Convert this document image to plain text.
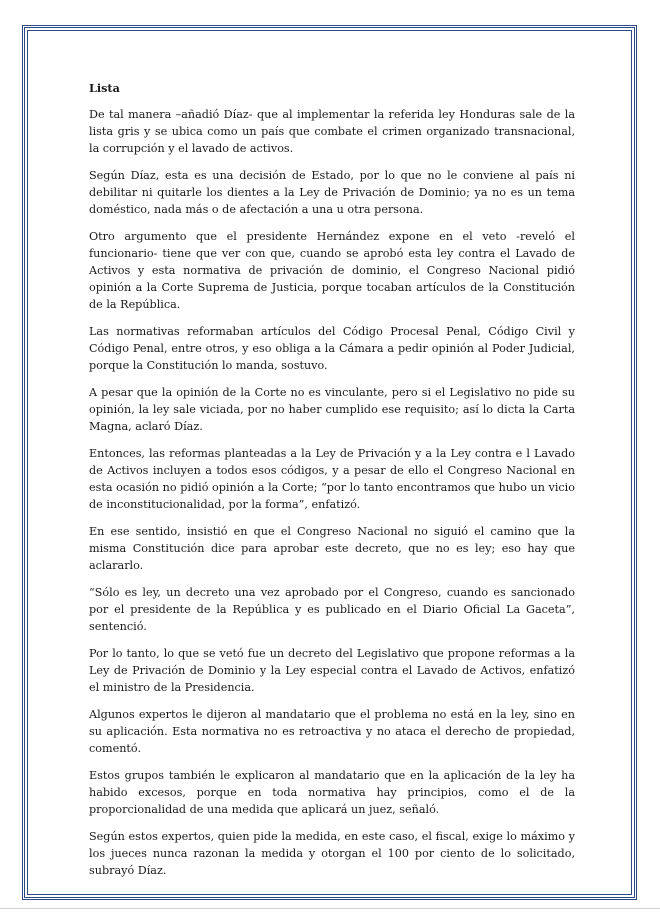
Lista

De tal manera –añadió Díaz- que al implementar la referida ley Honduras sale de la lista gris y se ubica como un país que combate el crimen organizado transnacional, la corrupción y el lavado de activos.

Según Díaz, esta es una decisión de Estado, por lo que no le conviene al país ni debilitar ni quitarle los dientes a la Ley de Privación de Dominio; ya no es un tema doméstico, nada más o de afectación a una u otra persona.

Otro argumento que el presidente Hernández expone en el veto -reveló el funcionario- tiene que ver con que, cuando se aprobó esta ley contra el Lavado de Activos y esta normativa de privación de dominio, el Congreso Nacional pidió opinión a la Corte Suprema de Justicia, porque tocaban artículos de la Constitución de la República.

Las normativas reformaban artículos del Código Procesal Penal, Código Civil y Código Penal, entre otros, y eso obliga a la Cámara a pedir opinión al Poder Judicial, porque la Constitución lo manda, sostuvo.

A pesar que la opinión de la Corte no es vinculante, pero si el Legislativo no pide su opinión, la ley sale viciada, por no haber cumplido ese requisito; así lo dicta la Carta Magna, aclaró Díaz.

Entonces, las reformas planteadas a la Ley de Privación y a la Ley contra e l Lavado de Activos incluyen a todos esos códigos, y a pesar de ello el Congreso Nacional en esta ocasión no pidió opinión a la Corte; “por lo tanto encontramos que hubo un vicio de inconstitucionalidad, por la forma”, enfatizó.

En ese sentido, insistió en que el Congreso Nacional no siguió el camino que la misma Constitución dice para aprobar este decreto, que no es ley; eso hay que aclararlo.

“Sólo es ley, un decreto una vez aprobado por el Congreso, cuando es sancionado por el presidente de la República y es publicado en el Diario Oficial La Gaceta”, sentenció.

Por lo tanto, lo que se vetó fue un decreto del Legislativo que propone reformas a la Ley de Privación de Dominio y la Ley especial contra el Lavado de Activos, enfatizó el ministro de la Presidencia.

Algunos expertos le dijeron al mandatario que el problema no está en la ley, sino en su aplicación. Esta normativa no es retroactiva y no ataca el derecho de propiedad, comentó.

Estos grupos también le explicaron al mandatario que en la aplicación de la ley ha habido excesos, porque en toda normativa hay principios, como el de la proporcionalidad de una medida que aplicará un juez, señaló.

Según estos expertos, quien pide la medida, en este caso, el fiscal, exige lo máximo y los jueces nunca razonan la medida y otorgan el 100 por ciento de lo solicitado, subrayó Díaz.
